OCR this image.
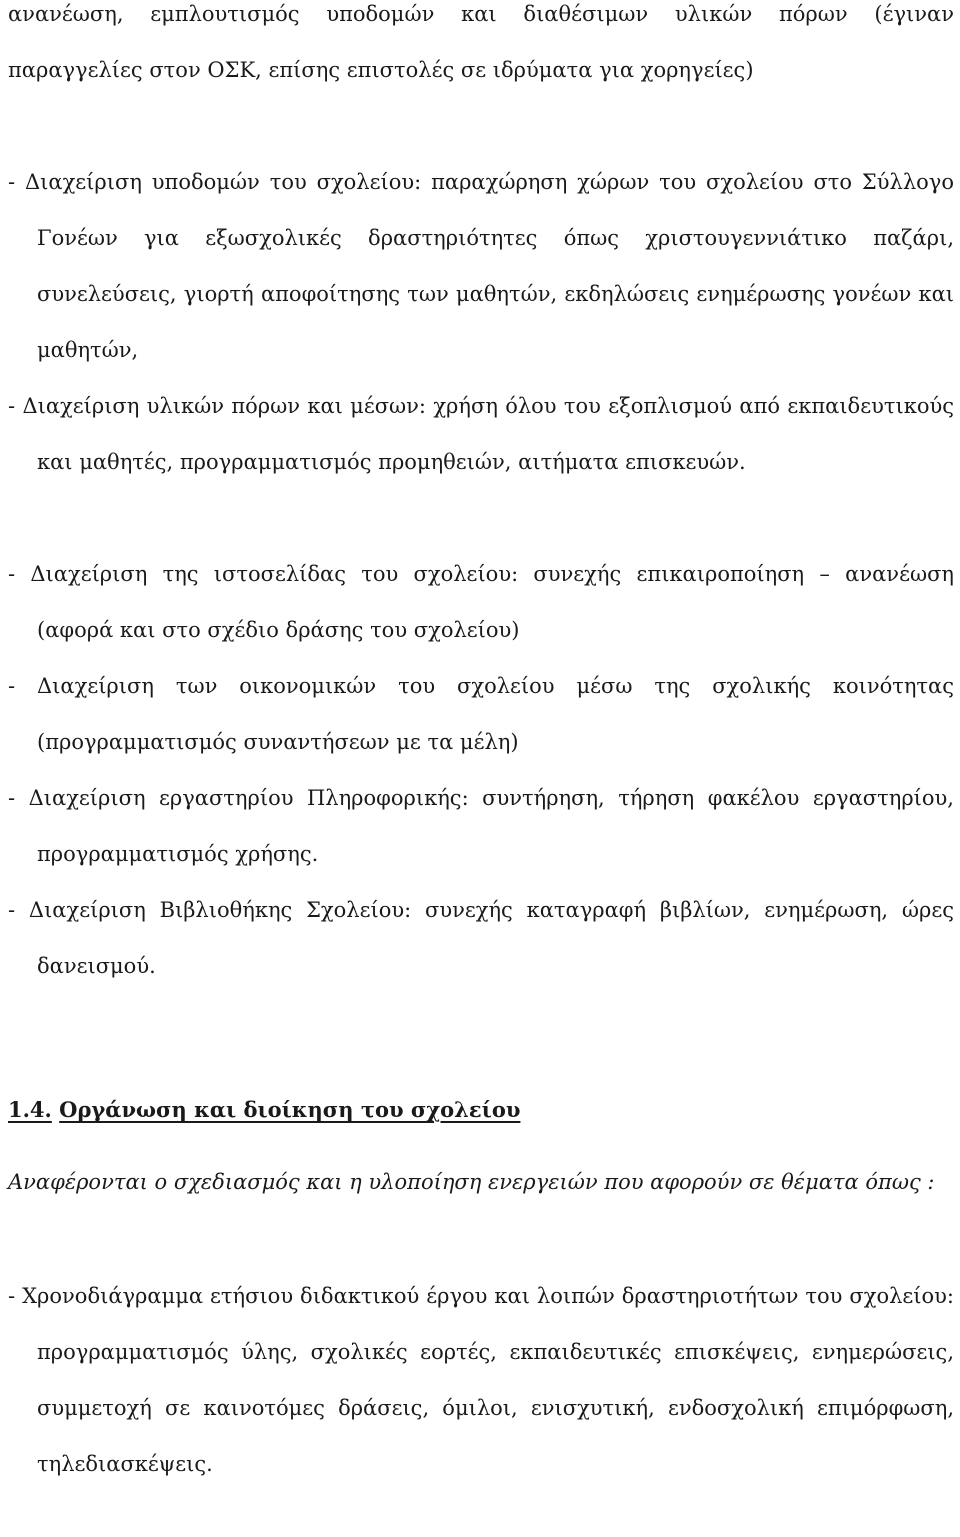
ανανέωση, εμπλουτισμός υποδομών και διαθέσιμων υλικών πόρων (έγιναν παραγγελίες στον ΟΣΚ, επίσης επιστολές σε ιδρύματα για χορηγείες)

- Διαχείριση υποδομών του σχολείου: παραχώρηση χώρων του σχολείου στο Σύλλογο Γονέων για εξωσχολικές δραστηριότητες όπως χριστουγεννιάτικο παζάρι, συνελεύσεις, γιορτή αποφοίτησης των μαθητών, εκδηλώσεις ενημέρωσης γονέων και μαθητών,

- Διαχείριση υλικών πόρων και μέσων: χρήση όλου του εξοπλισμού από εκπαιδευτικούς και μαθητές, προγραμματισμός προμηθειών, αιτήματα επισκευών.

- Διαχείριση της ιστοσελίδας του σχολείου: συνεχής επικαιροποίηση – ανανέωση (αφορά και στο σχέδιο δράσης του σχολείου)

- Διαχείριση των οικονομικών του σχολείου μέσω της σχολικής κοινότητας (προγραμματισμός συναντήσεων με τα μέλη)

- Διαχείριση εργαστηρίου Πληροφορικής: συντήρηση, τήρηση φακέλου εργαστηρίου, προγραμματισμός χρήσης.

- Διαχείριση Βιβλιοθήκης Σχολείου: συνεχής καταγραφή βιβλίων, ενημέρωση, ώρες δανεισμού.

1.4. Οργάνωση και διοίκηση του σχολείου

Αναφέρονται ο σχεδιασμός και η υλοποίηση ενεργειών που αφορούν σε θέματα όπως :

- Χρονοδιάγραμμα ετήσιου διδακτικού έργου και λοιπών δραστηριοτήτων του σχολείου: προγραμματισμός ύλης, σχολικές εορτές, εκπαιδευτικές επισκέψεις, ενημερώσεις, συμμετοχή σε καινοτόμες δράσεις, όμιλοι, ενισχυτική, ενδοσχολική επιμόρφωση, τηλεδιασκέψεις.
